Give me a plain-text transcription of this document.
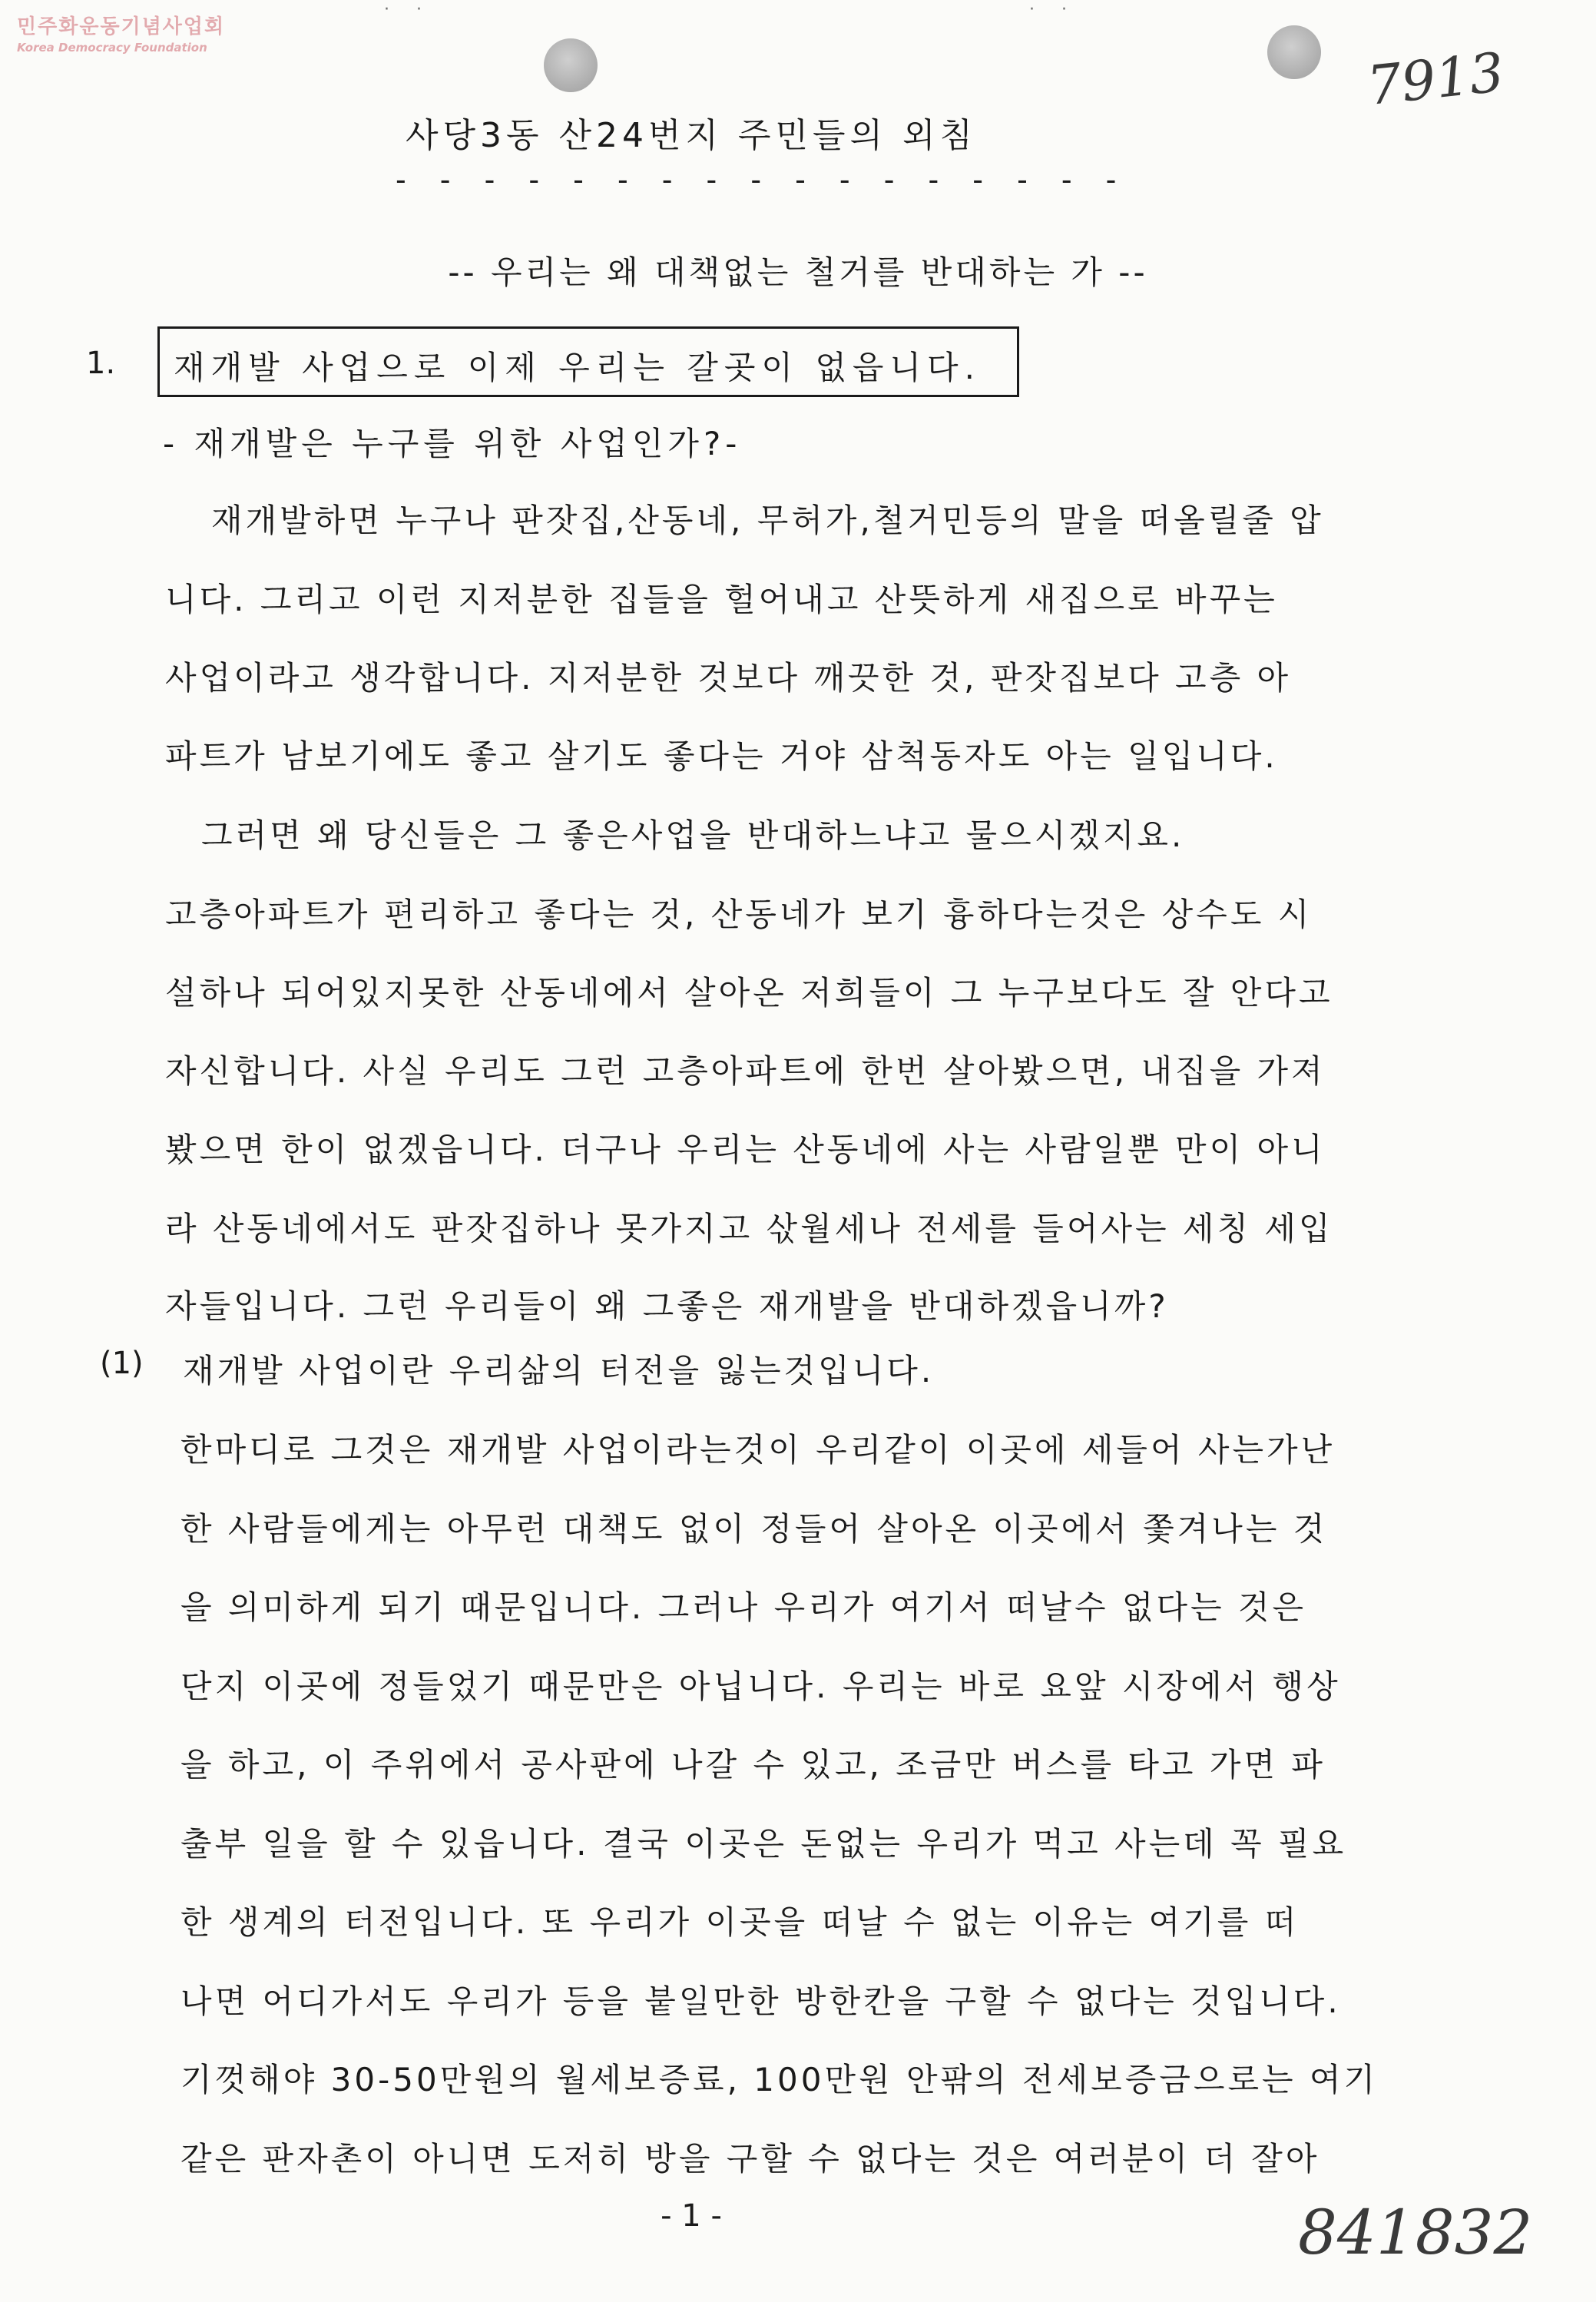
민주화운동기념사업회
Korea Democracy Foundation
· ·	· ·
7913
사당3동 산24번지 주민들의 외침
- - - - - - - - - - - - - - - - -
-- 우리는 왜 대책없는 철거를 반대하는 가 --
1.	재개발 사업으로 이제 우리는 갈곳이 없읍니다.
- 재개발은 누구를 위한 사업인가?-
재개발하면 누구나 판잣집,산동네, 무허가,철거민등의 말을 떠올릴줄 압
니다. 그리고 이런 지저분한 집들을 헐어내고 산뜻하게 새집으로 바꾸는
사업이라고 생각합니다. 지저분한 것보다 깨끗한 것, 판잣집보다 고층 아
파트가 남보기에도 좋고 살기도 좋다는 거야 삼척동자도 아는 일입니다.
그러면 왜 당신들은 그 좋은사업을 반대하느냐고 물으시겠지요.
고층아파트가 편리하고 좋다는 것, 산동네가 보기 흉하다는것은 상수도 시
설하나 되어있지못한 산동네에서 살아온 저희들이 그 누구보다도 잘 안다고
자신합니다. 사실 우리도 그런 고층아파트에 한번 살아봤으면, 내집을 가져
봤으면 한이 없겠읍니다. 더구나 우리는 산동네에 사는 사람일뿐 만이 아니
라 산동네에서도 판잣집하나 못가지고 삯월세나 전세를 들어사는 세칭 세입
자들입니다. 그런 우리들이 왜 그좋은 재개발을 반대하겠읍니까?
(1) 재개발 사업이란 우리삶의 터전을 잃는것입니다.
한마디로 그것은 재개발 사업이라는것이 우리같이 이곳에 세들어 사는가난
한 사람들에게는 아무런 대책도 없이 정들어 살아온 이곳에서 쫓겨나는 것
을 의미하게 되기 때문입니다. 그러나 우리가 여기서 떠날수 없다는 것은
단지 이곳에 정들었기 때문만은 아닙니다. 우리는 바로 요앞 시장에서 행상
을 하고, 이 주위에서 공사판에 나갈 수 있고, 조금만 버스를 타고 가면 파
출부 일을 할 수 있읍니다. 결국 이곳은 돈없는 우리가 먹고 사는데 꼭 필요
한 생계의 터전입니다. 또 우리가 이곳을 떠날 수 없는 이유는 여기를 떠
나면 어디가서도 우리가 등을 붙일만한 방한칸을 구할 수 없다는 것입니다.
기껏해야 30-50만원의 월세보증료, 100만원 안팎의 전세보증금으로는 여기
같은 판자촌이 아니면 도저히 방을 구할 수 없다는 것은 여러분이 더 잘아
- 1 -	841832
